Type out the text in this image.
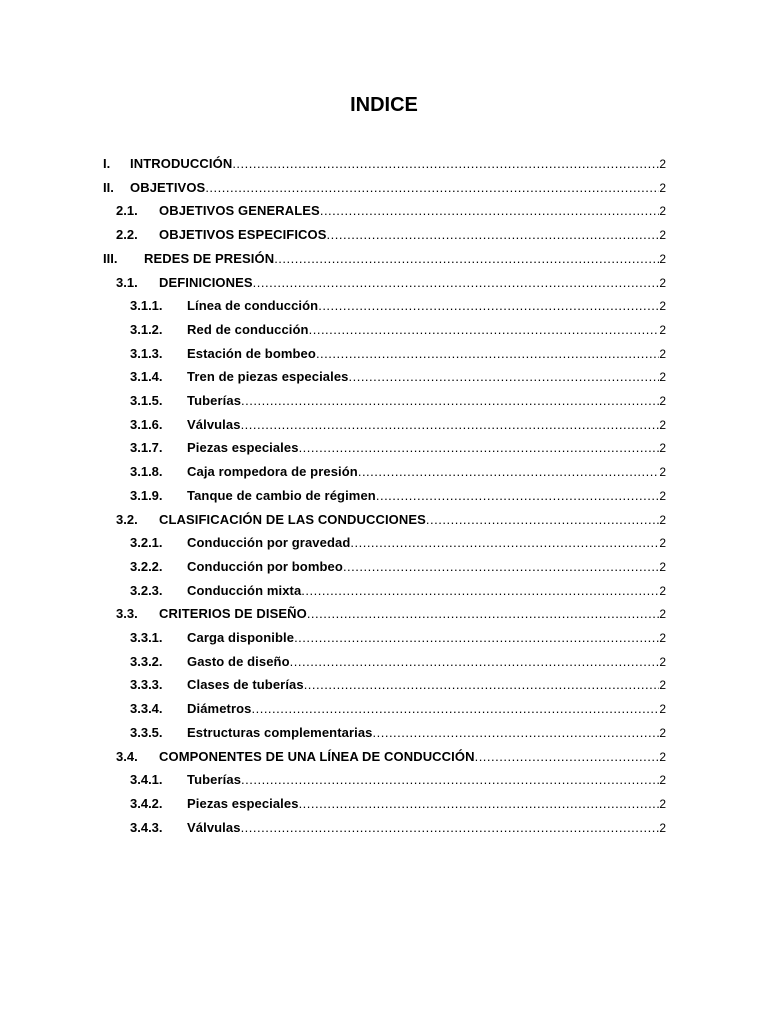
INDICE
I.	INTRODUCCIÓN .....	2
II.	OBJETIVOS .....	2
2.1.	OBJETIVOS GENERALES .....	2
2.2.	OBJETIVOS ESPECIFICOS .....	2
III.	REDES DE PRESIÓN .....	2
3.1.	DEFINICIONES .....	2
3.1.1.	Línea de conducción .....	2
3.1.2.	Red de conducción .....	2
3.1.3.	Estación de bombeo .....	2
3.1.4.	Tren de piezas especiales .....	2
3.1.5.	Tuberías .....	2
3.1.6.	Válvulas .....	2
3.1.7.	Piezas especiales .....	2
3.1.8.	Caja rompedora de presión .....	2
3.1.9.	Tanque de cambio de régimen .....	2
3.2.	CLASIFICACIÓN DE LAS CONDUCCIONES .....	2
3.2.1.	Conducción por gravedad .....	2
3.2.2.	Conducción por bombeo .....	2
3.2.3.	Conducción mixta .....	2
3.3.	CRITERIOS DE DISEÑO .....	2
3.3.1.	Carga disponible .....	2
3.3.2.	Gasto de diseño .....	2
3.3.3.	Clases de tuberías .....	2
3.3.4.	Diámetros .....	2
3.3.5.	Estructuras complementarias .....	2
3.4.	COMPONENTES DE UNA LÍNEA DE CONDUCCIÓN .....	2
3.4.1.	Tuberías .....	2
3.4.2.	Piezas especiales .....	2
3.4.3.	Válvulas .....	2
